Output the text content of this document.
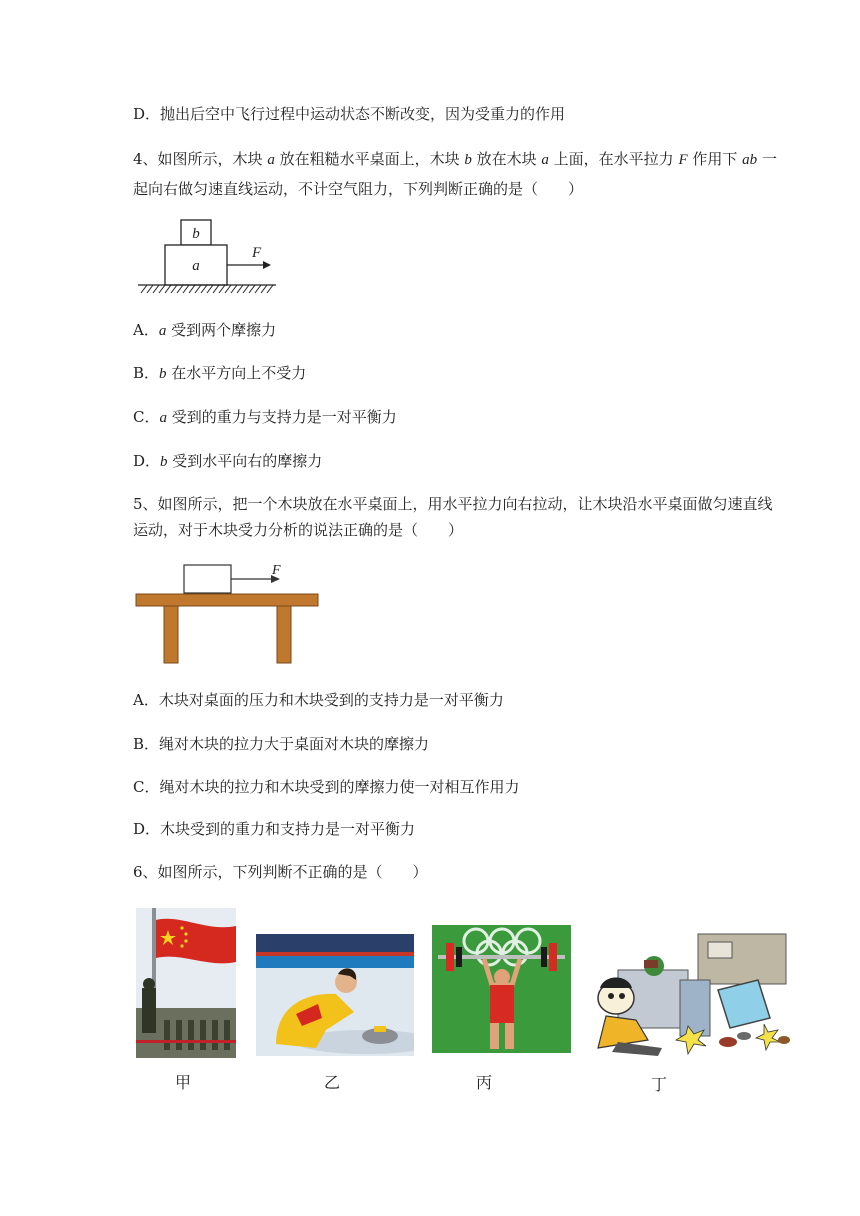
D．抛出后空中飞行过程中运动状态不断改变，因为受重力的作用
4、如图所示，木块 a 放在粗糙水平桌面上，木块 b 放在木块 a 上面，在水平拉力 F 作用下 ab 一
起向右做匀速直线运动，不计空气阻力，下列判断正确的是（　　）
b
a
F
A．a 受到两个摩擦力
B．b 在水平方向上不受力
C．a 受到的重力与支持力是一对平衡力
D．b 受到水平向右的摩擦力
5、如图所示，把一个木块放在水平桌面上，用水平拉力向右拉动，让木块沿水平桌面做匀速直线
运动，对于木块受力分析的说法正确的是（　　）
F
A．木块对桌面的压力和木块受到的支持力是一对平衡力
B．绳对木块的拉力大于桌面对木块的摩擦力
C．绳对木块的拉力和木块受到的摩擦力使一对相互作用力
D．木块受到的重力和支持力是一对平衡力
6、如图所示，下列判断不正确的是（　　）
甲	乙	丙	丁
